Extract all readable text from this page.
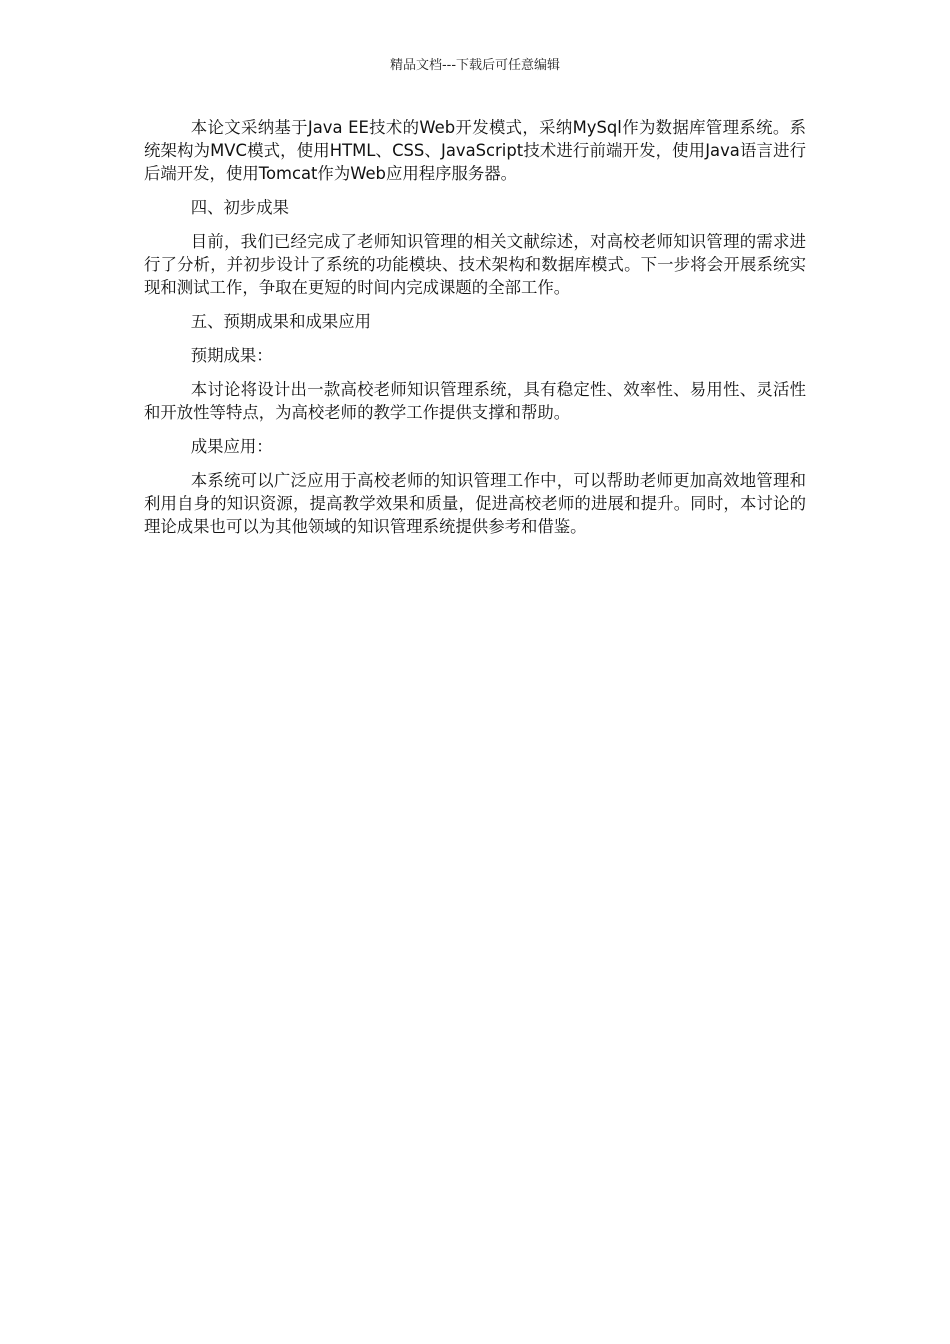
精品文档---下载后可任意编辑

本论文采纳基于Java EE技术的Web开发模式，采纳MySql作为数据库管理系统。系统架构为MVC模式，使用HTML、CSS、JavaScript技术进行前端开发，使用Java语言进行后端开发，使用Tomcat作为Web应用程序服务器。

四、初步成果

目前，我们已经完成了老师知识管理的相关文献综述，对高校老师知识管理的需求进行了分析，并初步设计了系统的功能模块、技术架构和数据库模式。下一步将会开展系统实现和测试工作，争取在更短的时间内完成课题的全部工作。

五、预期成果和成果应用

预期成果：

本讨论将设计出一款高校老师知识管理系统，具有稳定性、效率性、易用性、灵活性和开放性等特点，为高校老师的教学工作提供支撑和帮助。

成果应用：

本系统可以广泛应用于高校老师的知识管理工作中，可以帮助老师更加高效地管理和利用自身的知识资源，提高教学效果和质量，促进高校老师的进展和提升。同时，本讨论的理论成果也可以为其他领域的知识管理系统提供参考和借鉴。
